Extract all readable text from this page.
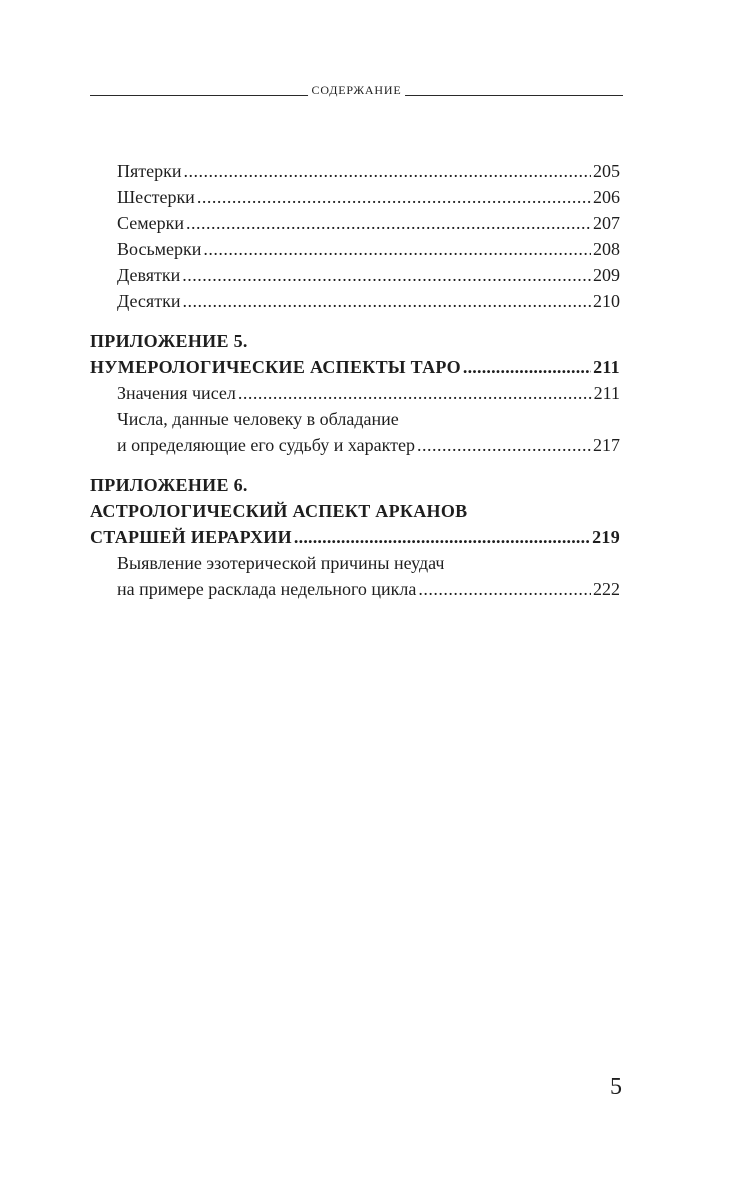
СОДЕРЖАНИЕ
Пятерки .....	205
Шестерки .....	206
Семерки .....	207
Восьмерки .....	208
Девятки .....	209
Десятки .....	210
ПРИЛОЖЕНИЕ 5.
НУМЕРОЛОГИЧЕСКИЕ АСПЕКТЫ ТАРО .....	211
Значения чисел .....	211
Числа, данные человеку в обладание
и определяющие его судьбу и характер .....	217
ПРИЛОЖЕНИЕ 6.
АСТРОЛОГИЧЕСКИЙ АСПЕКТ АРКАНОВ
СТАРШЕЙ ИЕРАРХИИ .....	219
Выявление эзотерической причины неудач
на примере расклада недельного цикла .....	222
5
